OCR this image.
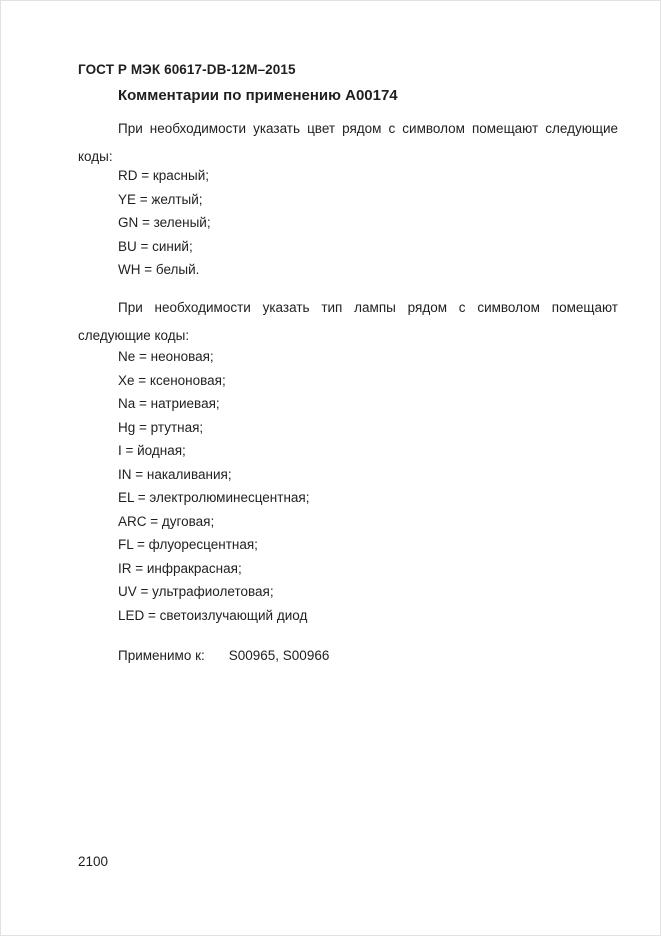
ГОСТ Р МЭК 60617-DB-12M–2015
Комментарии по применению A00174
При необходимости указать цвет рядом с символом помещают следующие
коды:
RD = красный;
YE = желтый;
GN = зеленый;
BU = синий;
WH = белый.
При необходимости указать тип лампы рядом с символом помещают
следующие коды:
Ne = неоновая;
Xe = ксеноновая;
Na = натриевая;
Hg = ртутная;
I = йодная;
IN = накаливания;
EL = электролюминесцентная;
ARC = дуговая;
FL = флуоресцентная;
IR = инфракрасная;
UV = ультрафиолетовая;
LED = светоизлучающий диод
Применимо к: S00965, S00966
2100
